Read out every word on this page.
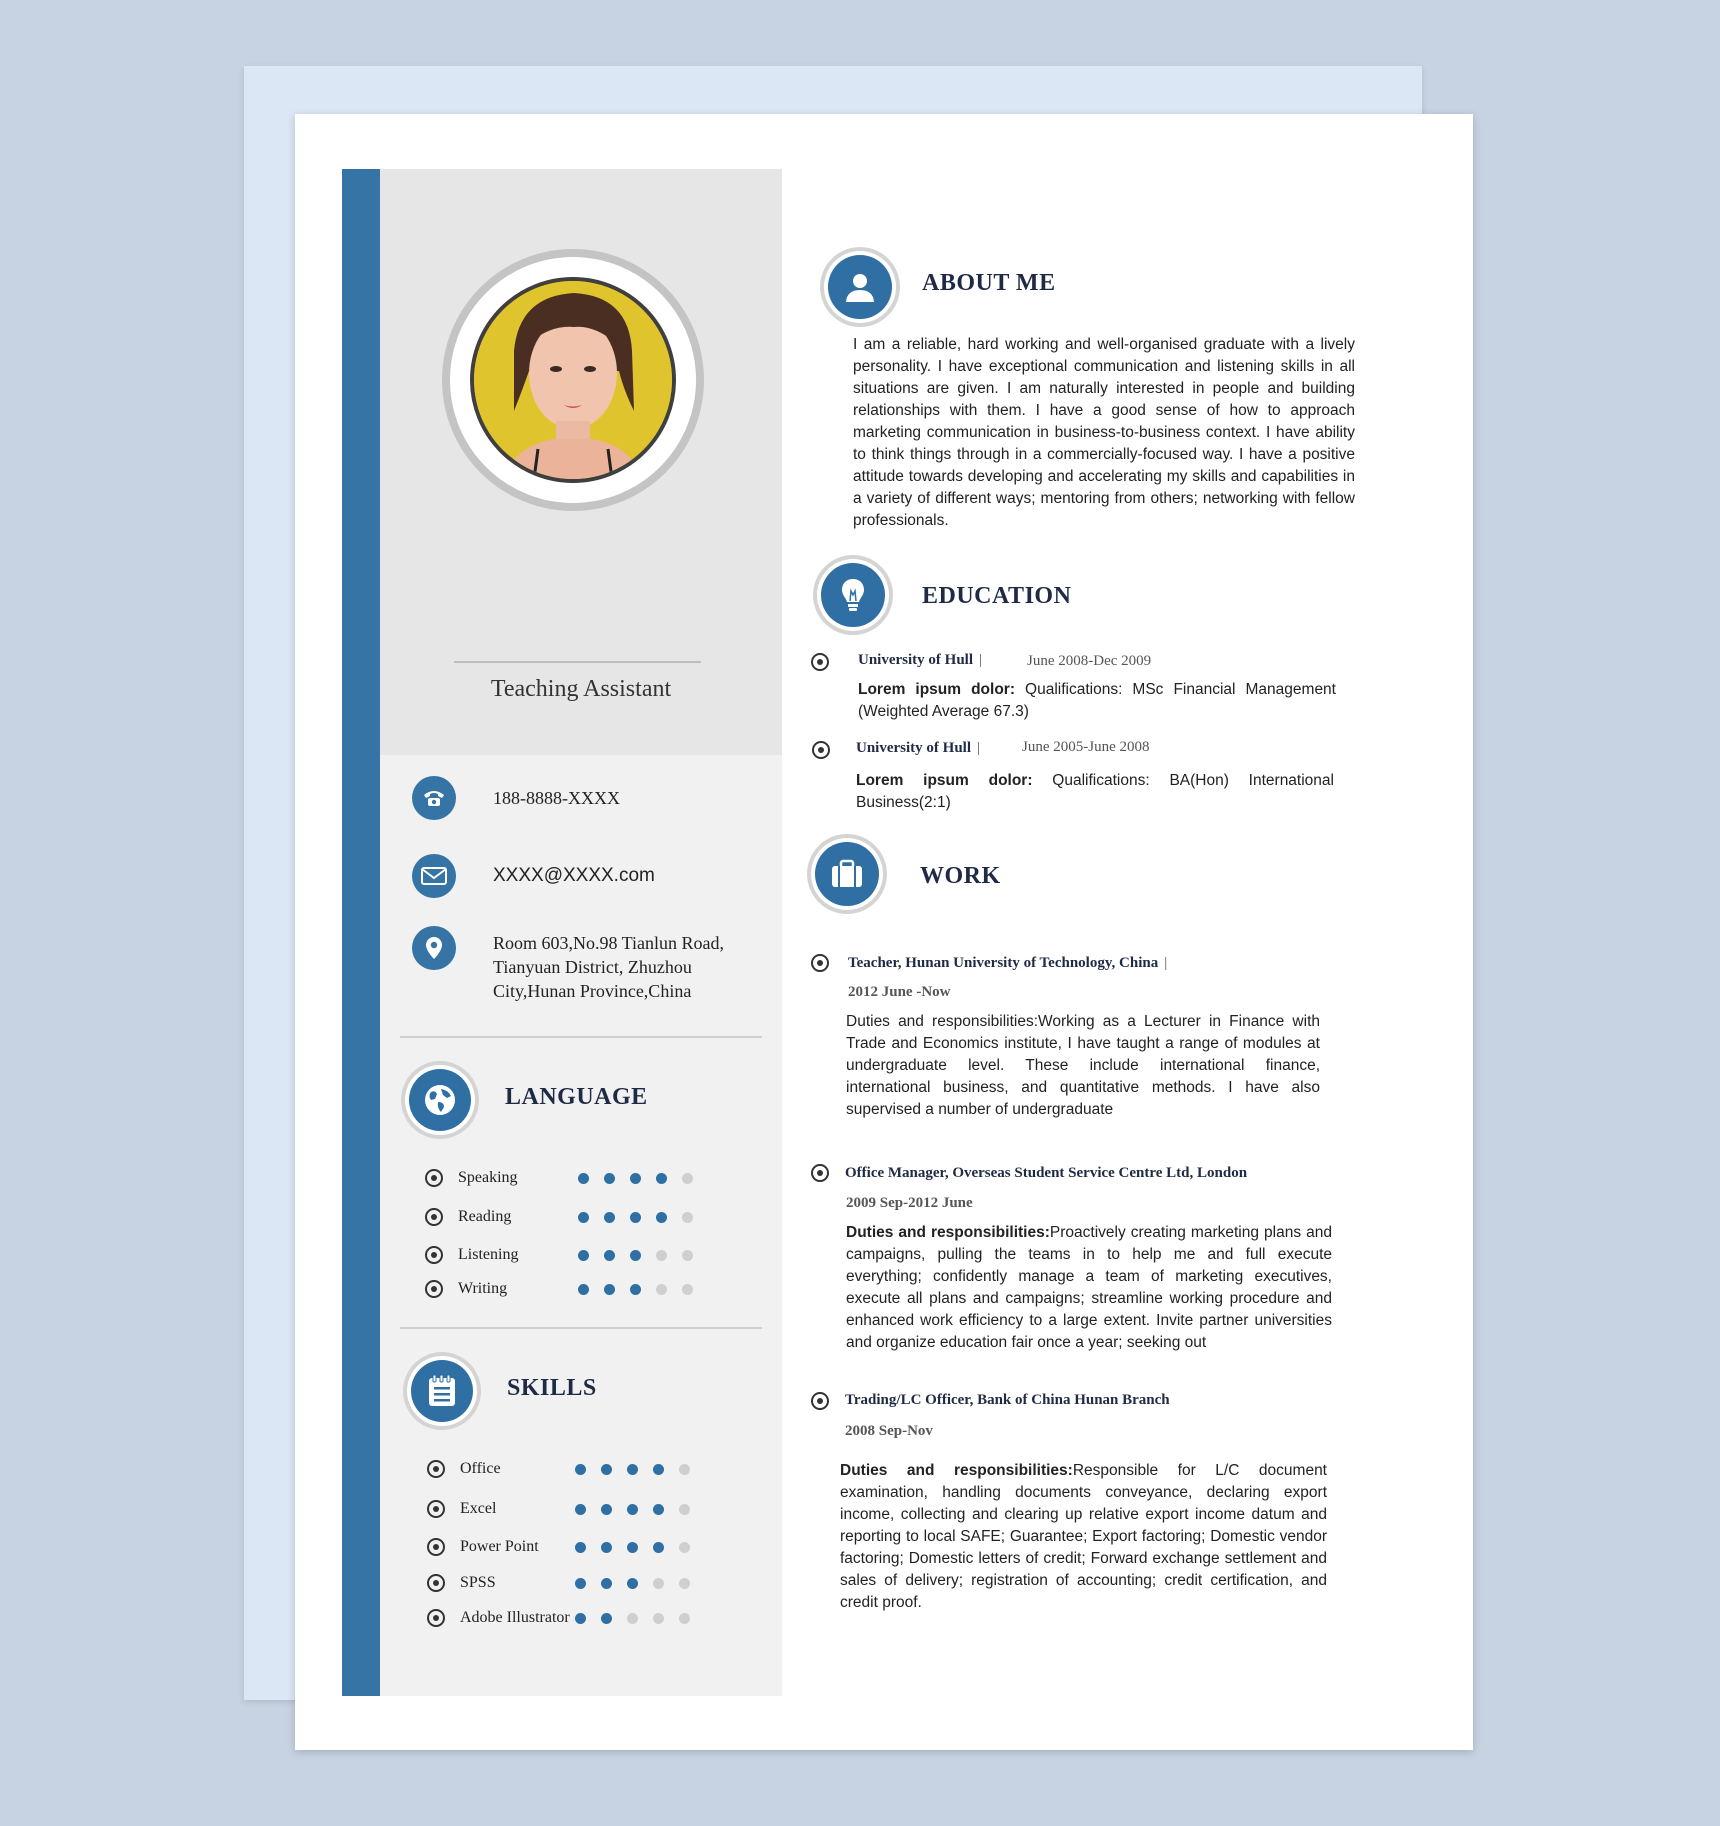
Teaching Assistant
188-8888-XXXX
XXXX@XXXX.com
Room 603,No.98 Tianlun Road,
Tianyuan District, Zhuzhou
City,Hunan Province,China
LANGUAGE
Speaking
Reading
Listening
Writing
SKILLS
Office
Excel
Power Point
SPSS
Adobe Illustrator
ABOUT ME
I am a reliable, hard working and well-organised graduate with a lively personality. I have exceptional communication and listening skills in all situations are given. I am naturally interested in people and building relationships with them. I have a good sense of how to approach marketing communication in business-to-business context. I have ability to think things through in a commercially-focused way. I have a positive attitude towards developing and accelerating my skills and capabilities in a variety of different ways; mentoring from others; networking with fellow professionals.
EDUCATION
University of Hull |	June 2008-Dec 2009
Lorem ipsum dolor: Qualifications: MSc Financial Management (Weighted Average 67.3)
University of Hull |	June 2005-June 2008
Lorem ipsum dolor: Qualifications: BA(Hon) International Business(2:1)
WORK
Teacher, Hunan University of Technology, China |
2012 June -Now
Duties and responsibilities:Working as a Lecturer in Finance with Trade and Economics institute, I have taught a range of modules at undergraduate level. These include international finance, international business, and quantitative methods. I have also supervised a number of undergraduate
Office Manager, Overseas Student Service Centre Ltd, London
2009 Sep-2012 June
Duties and responsibilities:Proactively creating marketing plans and campaigns, pulling the teams in to help me and full execute everything; confidently manage a team of marketing executives, execute all plans and campaigns; streamline working procedure and enhanced work efficiency to a large extent. Invite partner universities and organize education fair once a year; seeking out
Trading/LC Officer, Bank of China Hunan Branch
2008 Sep-Nov
Duties and responsibilities:Responsible for L/C document examination, handling documents conveyance, declaring export income, collecting and clearing up relative export income datum and reporting to local SAFE; Guarantee; Export factoring; Domestic vendor factoring; Domestic letters of credit; Forward exchange settlement and sales of delivery; registration of accounting; credit certification, and credit proof.
